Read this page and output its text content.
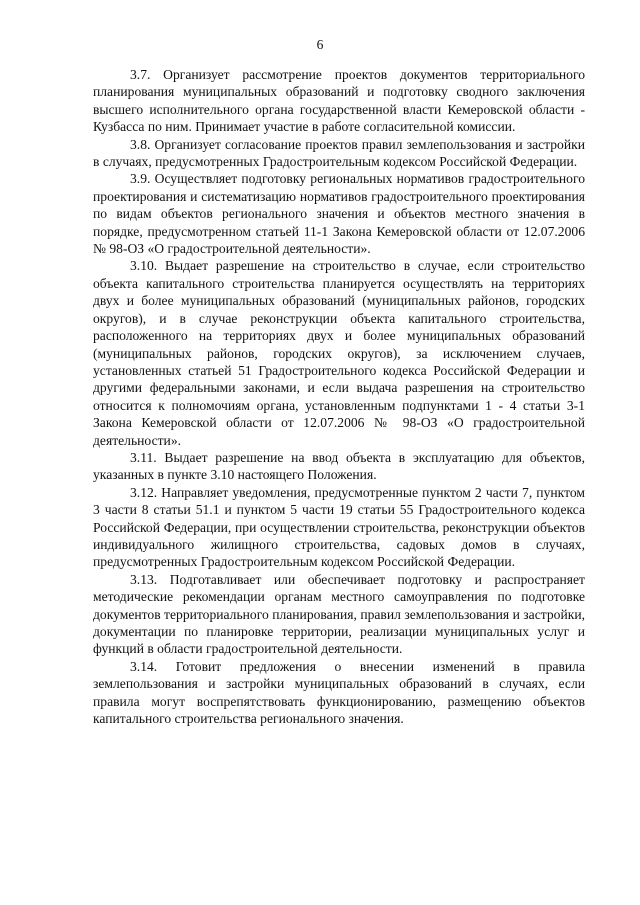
6

3.7. Организует рассмотрение проектов документов территориального планирования муниципальных образований и подготовку сводного заключения высшего исполнительного органа государственной власти Кемеровской области - Кузбасса по ним. Принимает участие в работе согласительной комиссии.

3.8. Организует согласование проектов правил землепользования и застройки в случаях, предусмотренных Градостроительным кодексом Российской Федерации.

3.9. Осуществляет подготовку региональных нормативов градостроительного проектирования и систематизацию нормативов градостроительного проектирования по видам объектов регионального значения и объектов местного значения в порядке, предусмотренном статьей 11-1 Закона Кемеровской области от 12.07.2006 № 98-ОЗ «О градостроительной деятельности».

3.10. Выдает разрешение на строительство в случае, если строительство объекта капитального строительства планируется осуществлять на территориях двух и более муниципальных образований (муниципальных районов, городских округов), и в случае реконструкции объекта капитального строительства, расположенного на территориях двух и более муниципальных образований (муниципальных районов, городских округов), за исключением случаев, установленных статьей 51 Градостроительного кодекса Российской Федерации и другими федеральными законами, и если выдача разрешения на строительство относится к полномочиям органа, установленным подпунктами 1 - 4 статьи 3-1 Закона Кемеровской области от 12.07.2006 № 98-ОЗ «О градостроительной деятельности».

3.11. Выдает разрешение на ввод объекта в эксплуатацию для объектов, указанных в пункте 3.10 настоящего Положения.

3.12. Направляет уведомления, предусмотренные пунктом 2 части 7, пунктом 3 части 8 статьи 51.1 и пунктом 5 части 19 статьи 55 Градостроительного кодекса Российской Федерации, при осуществлении строительства, реконструкции объектов индивидуального жилищного строительства, садовых домов в случаях, предусмотренных Градостроительным кодексом Российской Федерации.

3.13. Подготавливает или обеспечивает подготовку и распространяет методические рекомендации органам местного самоуправления по подготовке документов территориального планирования, правил землепользования и застройки, документации по планировке территории, реализации муниципальных услуг и функций в области градостроительной деятельности.

3.14. Готовит предложения о внесении изменений в правила землепользования и застройки муниципальных образований в случаях, если правила могут воспрепятствовать функционированию, размещению объектов капитального строительства регионального значения.
